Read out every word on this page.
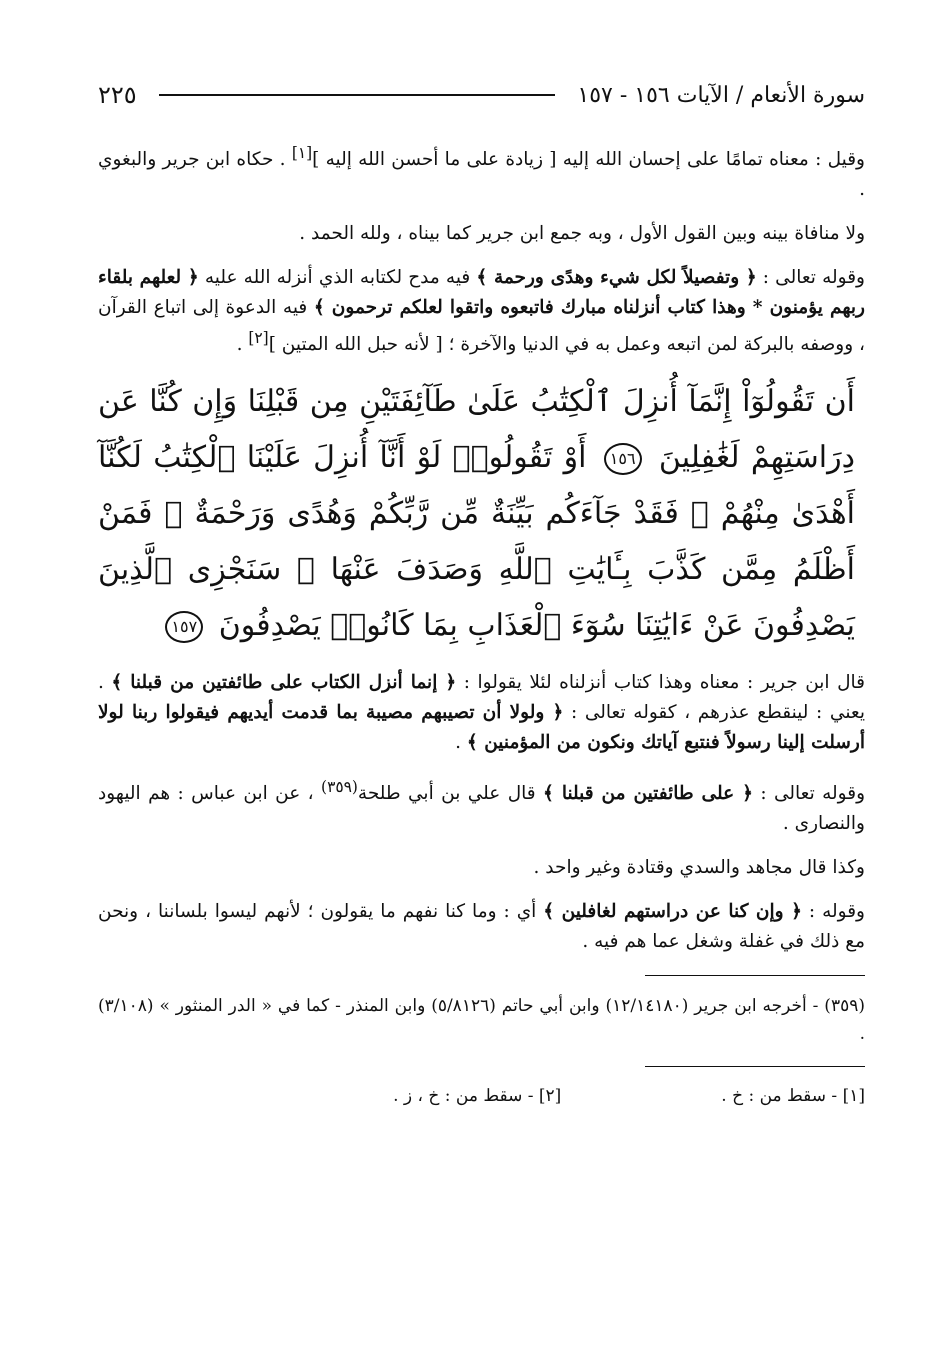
سورة الأنعام / الآيات ١٥٦ - ١٥٧
٢٢٥

وقيل : معناه تمامًا على إحسان الله إليه [ زيادة على ما أحسن الله إليه ][١] . حكاه ابن جرير والبغوي .

ولا منافاة بينه وبين القول الأول ، وبه جمع ابن جرير كما بيناه ، ولله الحمد .

وقوله تعالى : ﴿ وتفصيلاً لكل شيء وهدًى ورحمة ﴾ فيه مدح لكتابه الذي أنزله الله عليه ﴿ لعلهم بلقاء ربهم يؤمنون * وهذا كتاب أنزلناه مبارك فاتبعوه واتقوا لعلكم ترحمون ﴾ فيه الدعوة إلى اتباع القرآن ، ووصفه بالبركة لمن اتبعه وعمل به في الدنيا والآخرة ؛ [ لأنه حبل الله المتين ][٢] .

أَن تَقُولُوٓاْ إِنَّمَآ أُنزِلَ ٱلْكِتَٰبُ عَلَىٰ طَآئِفَتَيْنِ مِن قَبْلِنَا وَإِن كُنَّا عَن دِرَاسَتِهِمْ لَغَٰفِلِينَ ١٥٦ أَوْ تَقُولُوا۟ لَوْ أَنَّآ أُنزِلَ عَلَيْنَا ٱلْكِتَٰبُ لَكُنَّآ أَهْدَىٰ مِنْهُمْ ۚ فَقَدْ جَآءَكُم بَيِّنَةٌ مِّن رَّبِّكُمْ وَهُدًى وَرَحْمَةٌ ۚ فَمَنْ أَظْلَمُ مِمَّن كَذَّبَ بِـَٔايَٰتِ ٱللَّهِ وَصَدَفَ عَنْهَا ۗ سَنَجْزِى ٱلَّذِينَ يَصْدِفُونَ عَنْ ءَايَٰتِنَا سُوٓءَ ٱلْعَذَابِ بِمَا كَانُوا۟ يَصْدِفُونَ ١٥٧

قال ابن جرير : معناه وهذا كتاب أنزلناه لئلا يقولوا : ﴿ إنما أنزل الكتاب على طائفتين من قبلنا ﴾ . يعني : لينقطع عذرهم ، كقوله تعالى : ﴿ ولولا أن تصيبهم مصيبة بما قدمت أيديهم فيقولوا ربنا لولا أرسلت إلينا رسولاً فنتبع آياتك ونكون من المؤمنين ﴾ .

وقوله تعالى : ﴿ على طائفتين من قبلنا ﴾ قال علي بن أبي طلحة$^{(٣٥٩)}$ ، عن ابن عباس : هم اليهود والنصارى .

وكذا قال مجاهد والسدي وقتادة وغير واحد .

وقوله : ﴿ وإن كنا عن دراستهم لغافلين ﴾ أي : وما كنا نفهم ما يقولون ؛ لأنهم ليسوا بلساننا ، ونحن مع ذلك في غفلة وشغل عما هم فيه .

(٣٥٩) - أخرجه ابن جرير (١٢/١٤١٨٠) وابن أبي حاتم (٥/٨١٢٦) وابن المنذر - كما في « الدر المنثور » (٣/١٠٨) .

[١] - سقط من : خ .
[٢] - سقط من : خ ، ز .
